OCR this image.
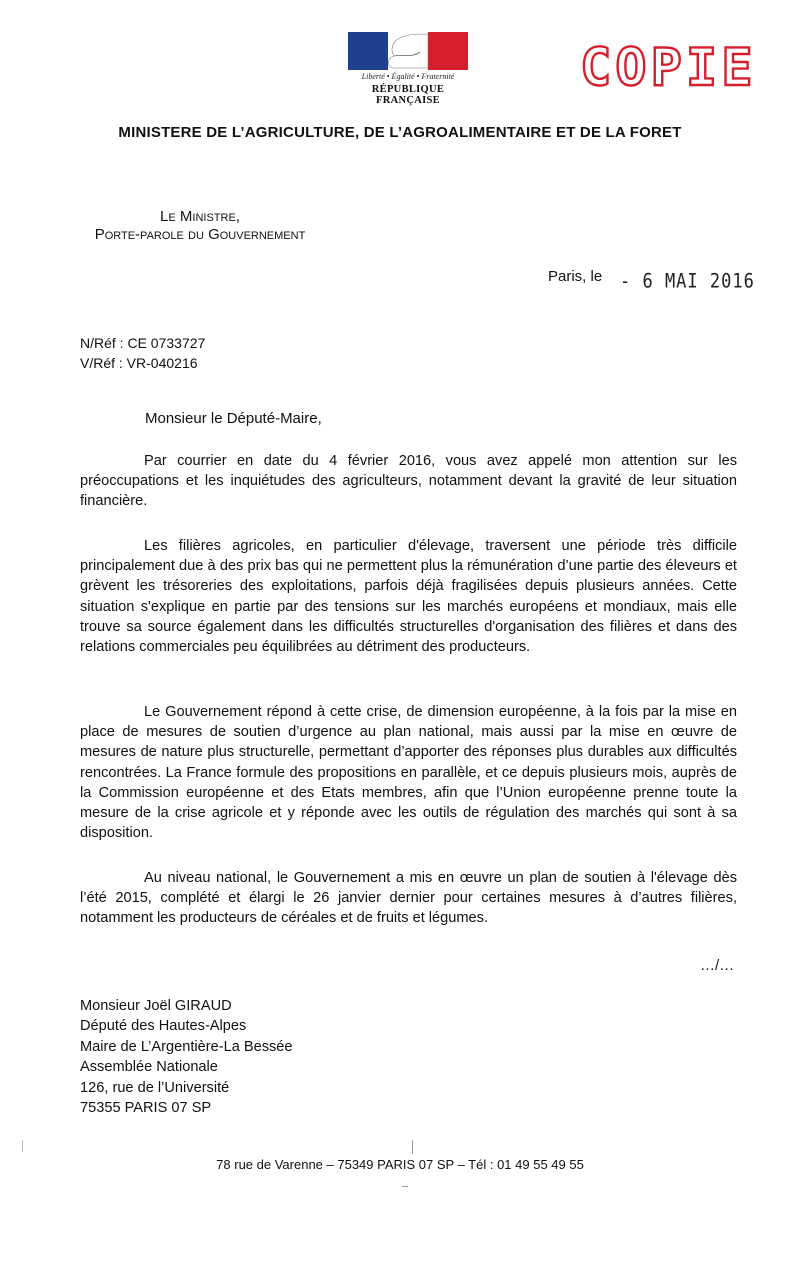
Liberté • Égalité • Fraternité
RÉPUBLIQUE FRANÇAISE
COPIE
MINISTERE DE L’AGRICULTURE, DE L’AGROALIMENTAIRE ET DE LA FORET
Le Ministre,
Porte-parole du Gouvernement
Paris, le - 6 MAI 2016
N/Réf : CE 0733727
V/Réf : VR-040216
Monsieur le Député-Maire,
Par courrier en date du 4 février 2016, vous avez appelé mon attention sur les préoccupations et les inquiétudes des agriculteurs, notamment devant la gravité de leur situation financière.
Les filières agricoles, en particulier d'élevage, traversent une période très difficile principalement due à des prix bas qui ne permettent plus la rémunération d’une partie des éleveurs et grèvent les trésoreries des exploitations, parfois déjà fragilisées depuis plusieurs années. Cette situation s'explique en partie par des tensions sur les marchés européens et mondiaux, mais elle trouve sa source également dans les difficultés structurelles d'organisation des filières et dans des relations commerciales peu équilibrées au détriment des producteurs.
Le Gouvernement répond à cette crise, de dimension européenne, à la fois par la mise en place de mesures de soutien d’urgence au plan national, mais aussi par la mise en œuvre de mesures de nature plus structurelle, permettant d’apporter des réponses plus durables aux difficultés rencontrées. La France formule des propositions en parallèle, et ce depuis plusieurs mois, auprès de la Commission européenne et des Etats membres, afin que l’Union européenne prenne toute la mesure de la crise agricole et y réponde avec les outils de régulation des marchés qui sont à sa disposition.
Au niveau national, le Gouvernement a mis en œuvre un plan de soutien à l'élevage dès l’été 2015, complété et élargi le 26 janvier dernier pour certaines mesures à d’autres filières, notamment les producteurs de céréales et de fruits et légumes.
…/…
Monsieur Joël GIRAUD
Député des Hautes-Alpes
Maire de L’Argentière-La Bessée
Assemblée Nationale
126, rue de l’Université
75355 PARIS 07 SP
78 rue de Varenne – 75349 PARIS 07 SP – Tél : 01 49 55 49 55
